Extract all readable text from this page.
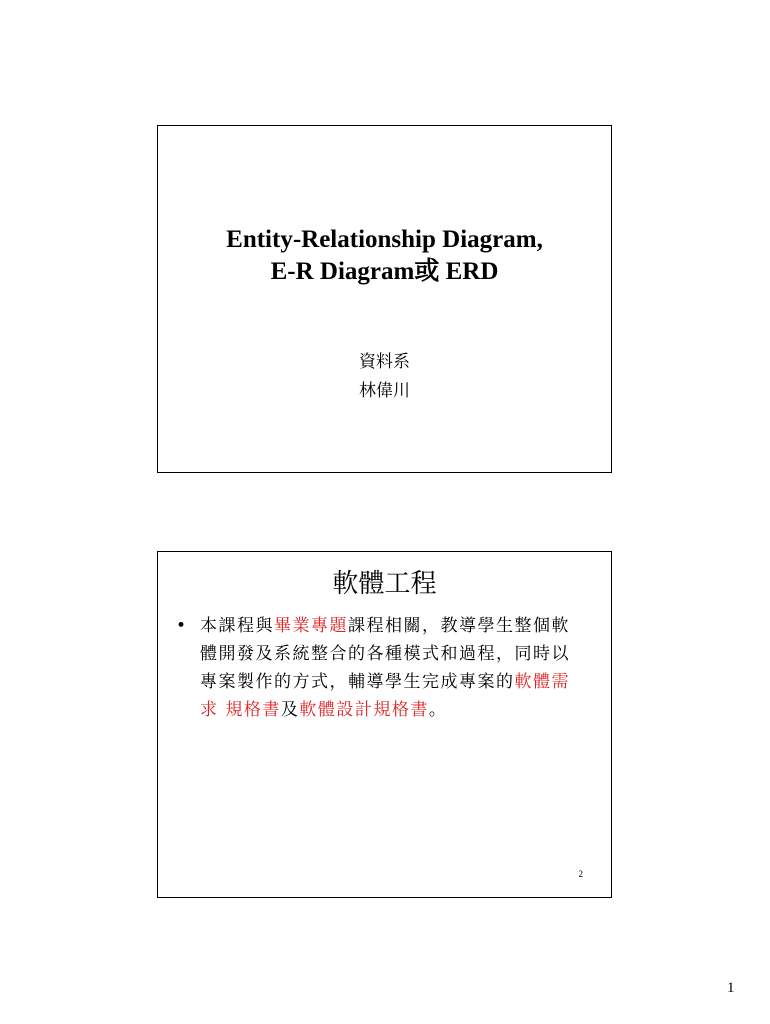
Entity-Relationship Diagram,
E-R Diagram或 ERD
資料系
林偉川
軟體工程
• 本課程與畢業專題課程相關，教導學生整個軟體開發及系統整合的各種模式和過程，同時以專案製作的方式，輔導學生完成專案的軟體需求 規格書及軟體設計規格書。
2
1
